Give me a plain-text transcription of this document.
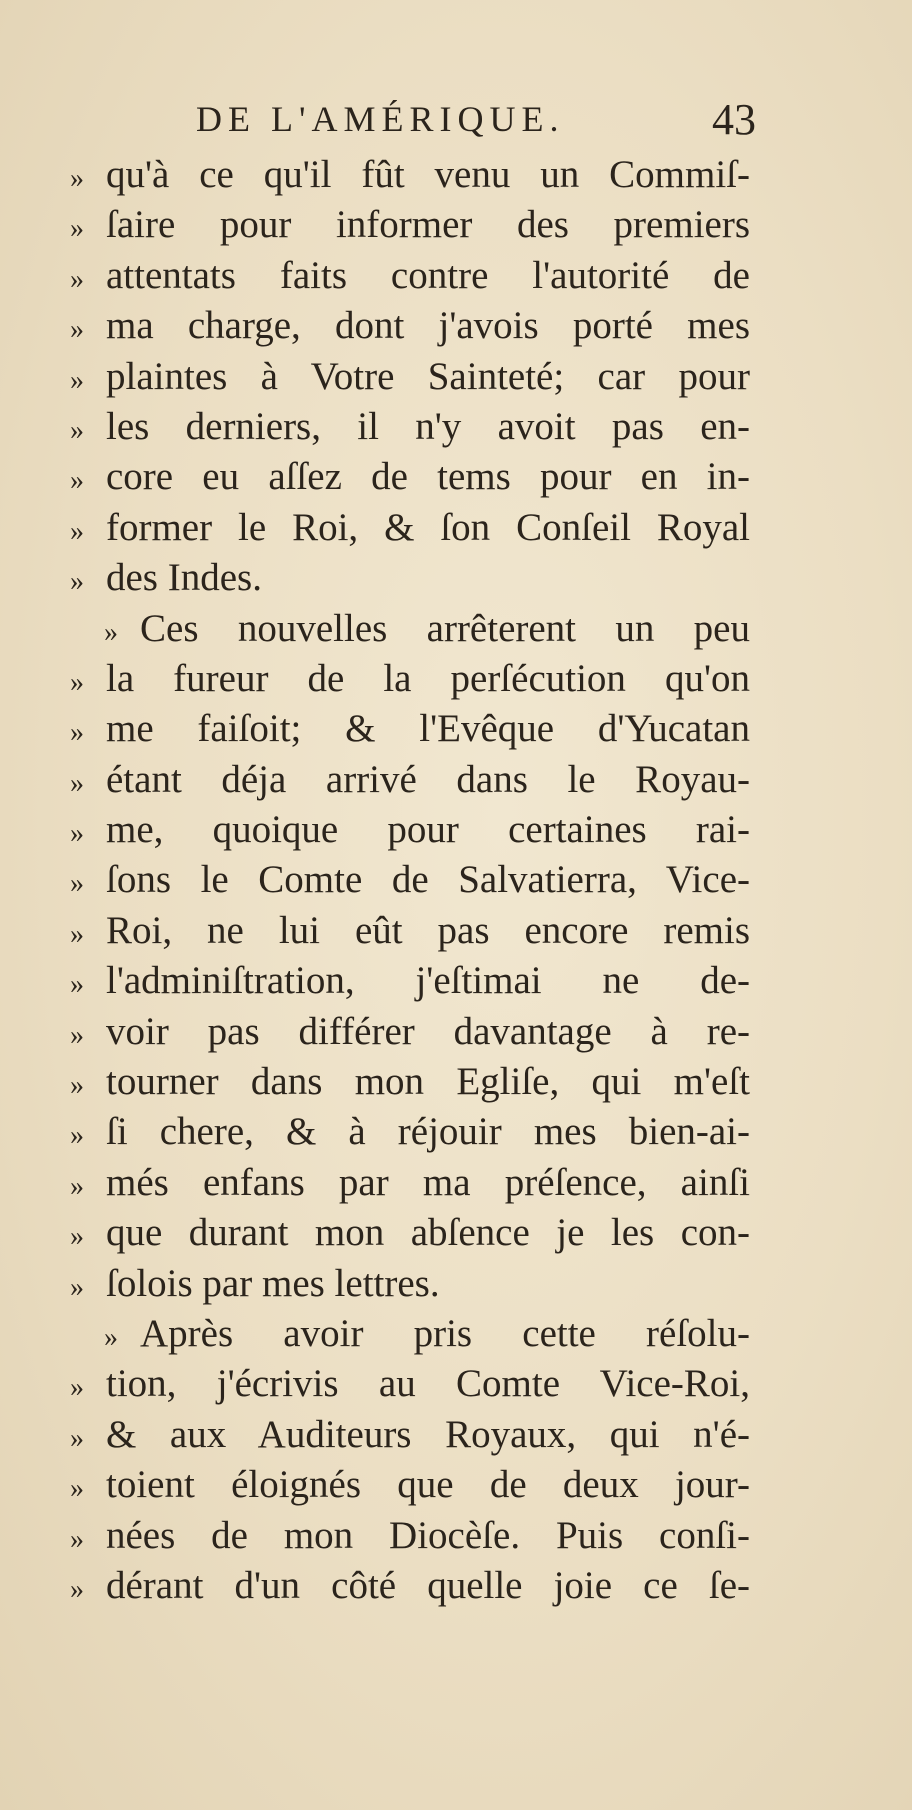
DE L'AMÉRIQUE.	43
» qu'à ce qu'il fût venu un Commiſ-
» ſaire pour informer des premiers
» attentats faits contre l'autorité de
» ma charge, dont j'avois porté mes
» plaintes à Votre Sainteté; car pour
» les derniers, il n'y avoit pas en-
» core eu aſſez de tems pour en in-
» former le Roi, & ſon Conſeil Royal
» des Indes.
» Ces nouvelles arrêterent un peu
» la fureur de la perſécution qu'on
» me faiſoit; & l'Evêque d'Yucatan
» étant déja arrivé dans le Royau-
» me, quoique pour certaines rai-
» ſons le Comte de Salvatierra, Vice-
» Roi, ne lui eût pas encore remis
» l'adminiſtration, j'eſtimai ne de-
» voir pas différer davantage à re-
» tourner dans mon Egliſe, qui m'eſt
» ſi chere, & à réjouir mes bien-ai-
» més enfans par ma préſence, ainſi
» que durant mon abſence je les con-
» ſolois par mes lettres.
» Après avoir pris cette réſolu-
» tion, j'écrivis au Comte Vice-Roi,
» & aux Auditeurs Royaux, qui n'é-
» toient éloignés que de deux jour-
» nées de mon Diocèſe. Puis conſi-
» dérant d'un côté quelle joie ce ſe-
